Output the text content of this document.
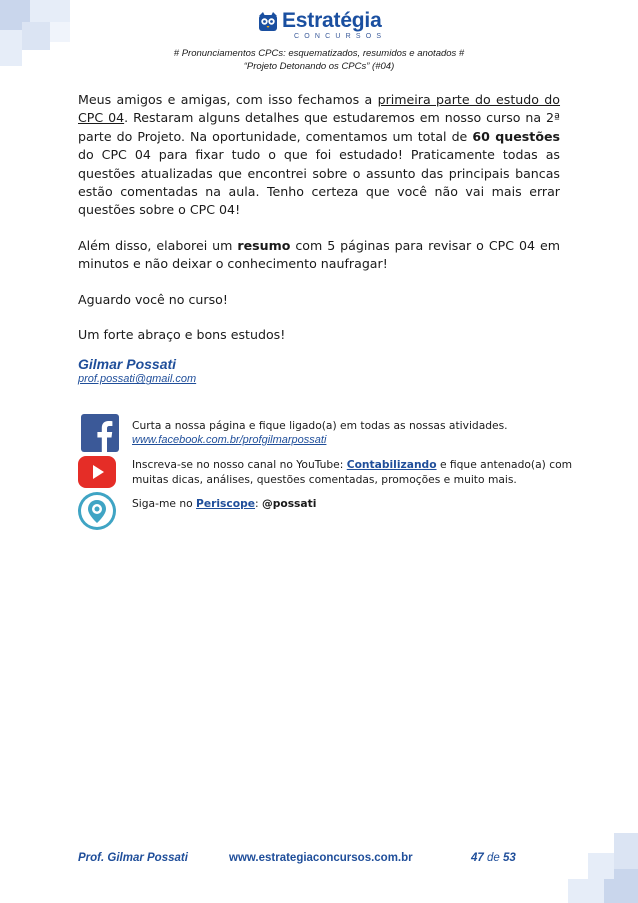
Estratégia
CONCURSOS
# Pronunciamentos CPCs: esquematizados, resumidos e anotados #
“Projeto Detonando os CPCs” (#04)

Meus amigos e amigas, com isso fechamos a primeira parte do estudo do CPC 04. Restaram alguns detalhes que estudaremos em nosso curso na 2ª parte do Projeto. Na oportunidade, comentamos um total de 60 questões do CPC 04 para fixar tudo o que foi estudado! Praticamente todas as questões atualizadas que encontrei sobre o assunto das principais bancas estão comentadas na aula. Tenho certeza que você não vai mais errar questões sobre o CPC 04!

Além disso, elaborei um resumo com 5 páginas para revisar o CPC 04 em minutos e não deixar o conhecimento naufragar!

Aguardo você no curso!

Um forte abraço e bons estudos!

Gilmar Possati

prof.possati@gmail.com

Curta a nossa página e fique ligado(a) em todas as nossas atividades.
www.facebook.com.br/profgilmarpossati
Inscreva-se no nosso canal no YouTube: Contabilizando e fique antenado(a) com muitas dicas, análises, questões comentadas, promoções e muito mais.
Siga-me no Periscope: @possati
Prof. Gilmar Possati	www.estrategiaconcursos.com.br	47 de 53
